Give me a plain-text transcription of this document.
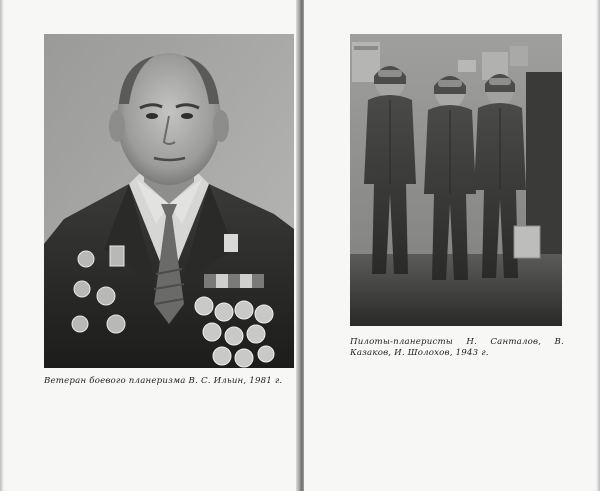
Ветеран боевого планеризма В. С. Ильин, 1981 г.
Пилоты-планеристы Н. Санталов, В. Казаков, И. Шолохов, 1943 г.
